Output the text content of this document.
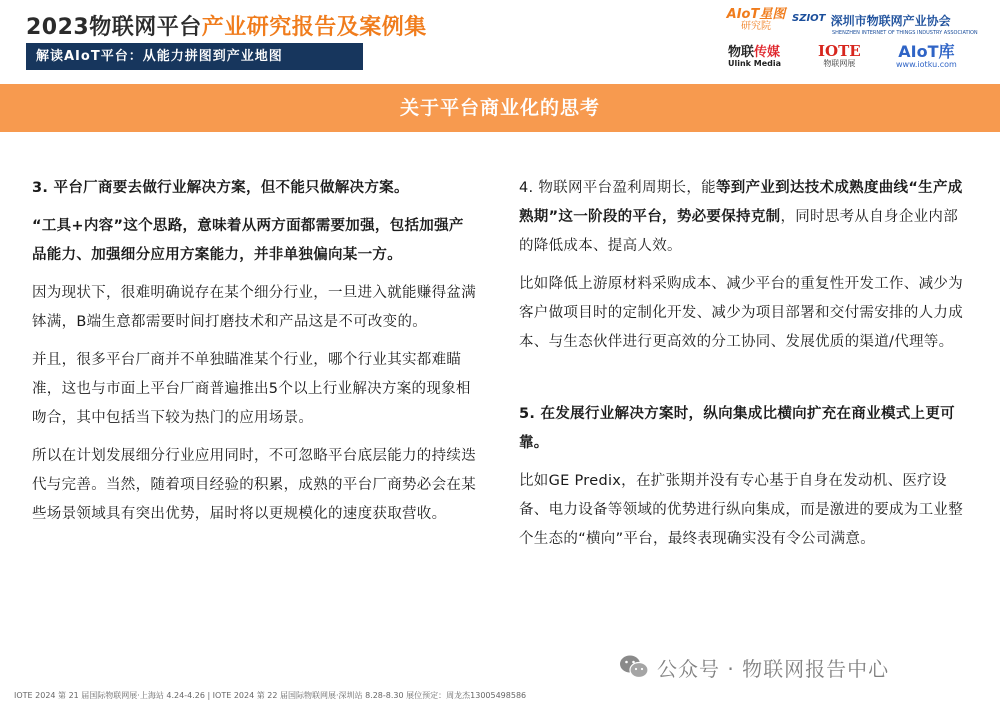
2023物联网平台产业研究报告及案例集
解读AIoT平台：从能力拼图到产业地图
AIoT星图
研究院
SZIOT 深圳市物联网产业协会
SHENZHEN INTERNET OF THINGS INDUSTRY ASSOCIATION
物联传媒
Ulink Media
IOTE
物联网展
AIoT库
www.iotku.com
关于平台商业化的思考
3. 平台厂商要去做行业解决方案，但不能只做解决方案。
“工具+内容”这个思路，意味着从两方面都需要加强，包括加强产品能力、加强细分应用方案能力，并非单独偏向某一方。
因为现状下，很难明确说存在某个细分行业，一旦进入就能赚得盆满钵满，B端生意都需要时间打磨技术和产品这是不可改变的。
并且，很多平台厂商并不单独瞄准某个行业，哪个行业其实都难瞄准，这也与市面上平台厂商普遍推出5个以上行业解决方案的现象相吻合，其中包括当下较为热门的应用场景。
所以在计划发展细分行业应用同时，不可忽略平台底层能力的持续迭代与完善。当然，随着项目经验的积累，成熟的平台厂商势必会在某些场景领域具有突出优势，届时将以更规模化的速度获取营收。
4. 物联网平台盈利周期长，能等到产业到达技术成熟度曲线“生产成熟期”这一阶段的平台，势必要保持克制，同时思考从自身企业内部的降低成本、提高人效。
比如降低上游原材料采购成本、减少平台的重复性开发工作、减少为客户做项目时的定制化开发、减少为项目部署和交付需安排的人力成本、与生态伙伴进行更高效的分工协同、发展优质的渠道/代理等。
5. 在发展行业解决方案时，纵向集成比横向扩充在商业模式上更可靠。
比如GE Predix，在扩张期并没有专心基于自身在发动机、医疗设备、电力设备等领域的优势进行纵向集成，而是激进的要成为工业整个生态的“横向”平台，最终表现确实没有令公司满意。
公众号 · 物联网报告中心
IOTE 2024 第 21 届国际物联网展·上海站 4.24-4.26 | IOTE 2024 第 22 届国际物联网展·深圳站 8.28-8.30 展位预定：周龙杰13005498586
